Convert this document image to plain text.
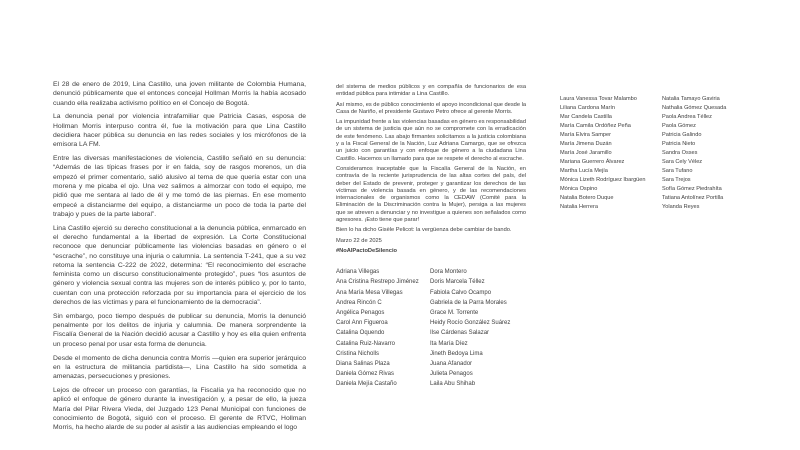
El 28 de enero de 2019, Lina Castillo, una joven militante de Colombia Humana, denunció públicamente que el entonces concejal Hollman Morris la había acosado cuando ella realizaba activismo político en el Concejo de Bogotá.

La denuncia penal por violencia intrafamiliar que Patricia Casas, esposa de Hollman Morris interpuso contra él, fue la motivación para que Lina Castillo decidiera hacer pública su denuncia en las redes sociales y los micrófonos de la emisora LA FM.

Entre las diversas manifestaciones de violencia, Castillo señaló en su denuncia: “Además de las típicas frases por ir en falda, soy de rasgos morenos, un día empezó el primer comentario, salió alusivo al tema de que quería estar con una morena y me picaba el ojo. Una vez salimos a almorzar con todo el equipo, me pidió que me sentara al lado de él y me tomó de las piernas. En ese momento empecé a distanciarme del equipo, a distanciarme un poco de toda la parte del trabajo y pues de la parte laboral”.

Lina Castillo ejerció su derecho constitucional a la denuncia pública, enmarcado en el derecho fundamental a la libertad de expresión. La Corte Constitucional reconoce que denunciar públicamente las violencias basadas en género o el “escrache”, no constituye una injuria o calumnia. La sentencia T-241, que a su vez retoma la sentencia C-222 de 2022, determina: “El reconocimiento del escrache feminista como un discurso constitucionalmente protegido”, pues “los asuntos de género y violencia sexual contra las mujeres son de interés público y, por lo tanto, cuentan con una protección reforzada por su importancia para el ejercicio de los derechos de las víctimas y para el funcionamiento de la democracia”.

Sin embargo, poco tiempo después de publicar su denuncia, Morris la denunció penalmente por los delitos de injuria y calumnia. De manera sorprendente la Fiscalía General de la Nación decidió acusar a Castillo y hoy es ella quien enfrenta un proceso penal por usar esta forma de denuncia.

Desde el momento de dicha denuncia contra Morris —quien era superior jerárquico en la estructura de militancia partidista—, Lina Castillo ha sido sometida a amenazas, persecuciones y presiones.

Lejos de ofrecer un proceso con garantías, la Fiscalía ya ha reconocido que no aplicó el enfoque de género durante la investigación y, a pesar de ello, la jueza María del Pilar Rivera Vieda, del Juzgado 123 Penal Municipal con funciones de conocimiento de Bogotá, siguió con el proceso. El gerente de RTVC, Hollman Morris, ha hecho alarde de su poder al asistir a las audiencias empleando el logo

del sistema de medios públicos y en compañía de funcionarios de esa entidad pública para intimidar a Lina Castillo.

Así mismo, es de público conocimiento el apoyo incondicional que desde la Casa de Nariño, el presidente Gustavo Petro ofrece al gerente Morris.

La impunidad frente a las violencias basadas en género es responsabilidad de un sistema de justicia que aún no se compromete con la erradicación de este fenómeno. Las abajo firmantes solicitamos a la justicia colombiana y a la Fiscal General de la Nación, Luz Adriana Camargo, que se ofrezca un juicio con garantías y con enfoque de género a la ciudadana Lina Castillo. Hacemos un llamado para que se respete el derecho al escrache.

Consideramos inaceptable que la Fiscalía General de la Nación, en contravía de la reciente jurisprudencia de las altas cortes del país, del deber del Estado de prevenir, proteger y garantizar los derechos de las víctimas de violencia basada en género, y de las recomendaciones internacionales de organismos como la CEDAW (Comité para la Eliminación de la Discriminación contra la Mujer), persiga a las mujeres que se atreven a denunciar y no investigue a quienes son señalados como agresores. ¡Esto tiene que parar!

Bien lo ha dicho Gisèle Pelicot: la vergüenza debe cambiar de bando.

Marzo 22 de 2025

#NoAlPactoDeSilencio

Adriana Villegas
Ana Cristina Restrepo Jiménez
Ana María Mesa Villegas
Andrea Rincón C
Angélica Penagos
Carol Ann Figueroa
Catalina Oquendo
Catalina Ruiz-Navarro
Cristina Nicholls
Diana Salinas Plaza
Daniela Gómez Rivas
Daniela Mejía Castaño
Dora Montero
Doris Marcela Téllez
Fabiola Calvo Ocampo
Gabriela de la Parra Morales
Grace M. Torrente
Heidy Rocío González Suárez
Ilse Cárdenas Salazar
Ita María Díez
Jineth Bedoya Lima
Juana Afanador
Julieta Penagos
Laila Abu Shihab
Laura Vanessa Tovar Malambo
Liliana Cardona Marín
Mar Candela Castilla
María Camila Ordóñez Peña
María Elvira Samper
María Jimena Duzán
María José Jaramillo
Mariana Guerrero Álvarez
Martha Lucía Mejía
Mónica Lizeth Rodríguez Ibargüen
Mónica Ospino
Natalia Botero Duque
Natalia Herrera
Natalia Tamayo Gaviria
Nathalia Gómez Quesada
Paola Andrea Téllez
Paola Gómez
Patricia Galindo
Patricia Nieto
Sandra Osses
Sara Cely Vélez
Sara Tufano
Sara Trejos
Sofía Gómez Piedrahíta
Tatiana Antolínez Portilla
Yolanda Reyes
